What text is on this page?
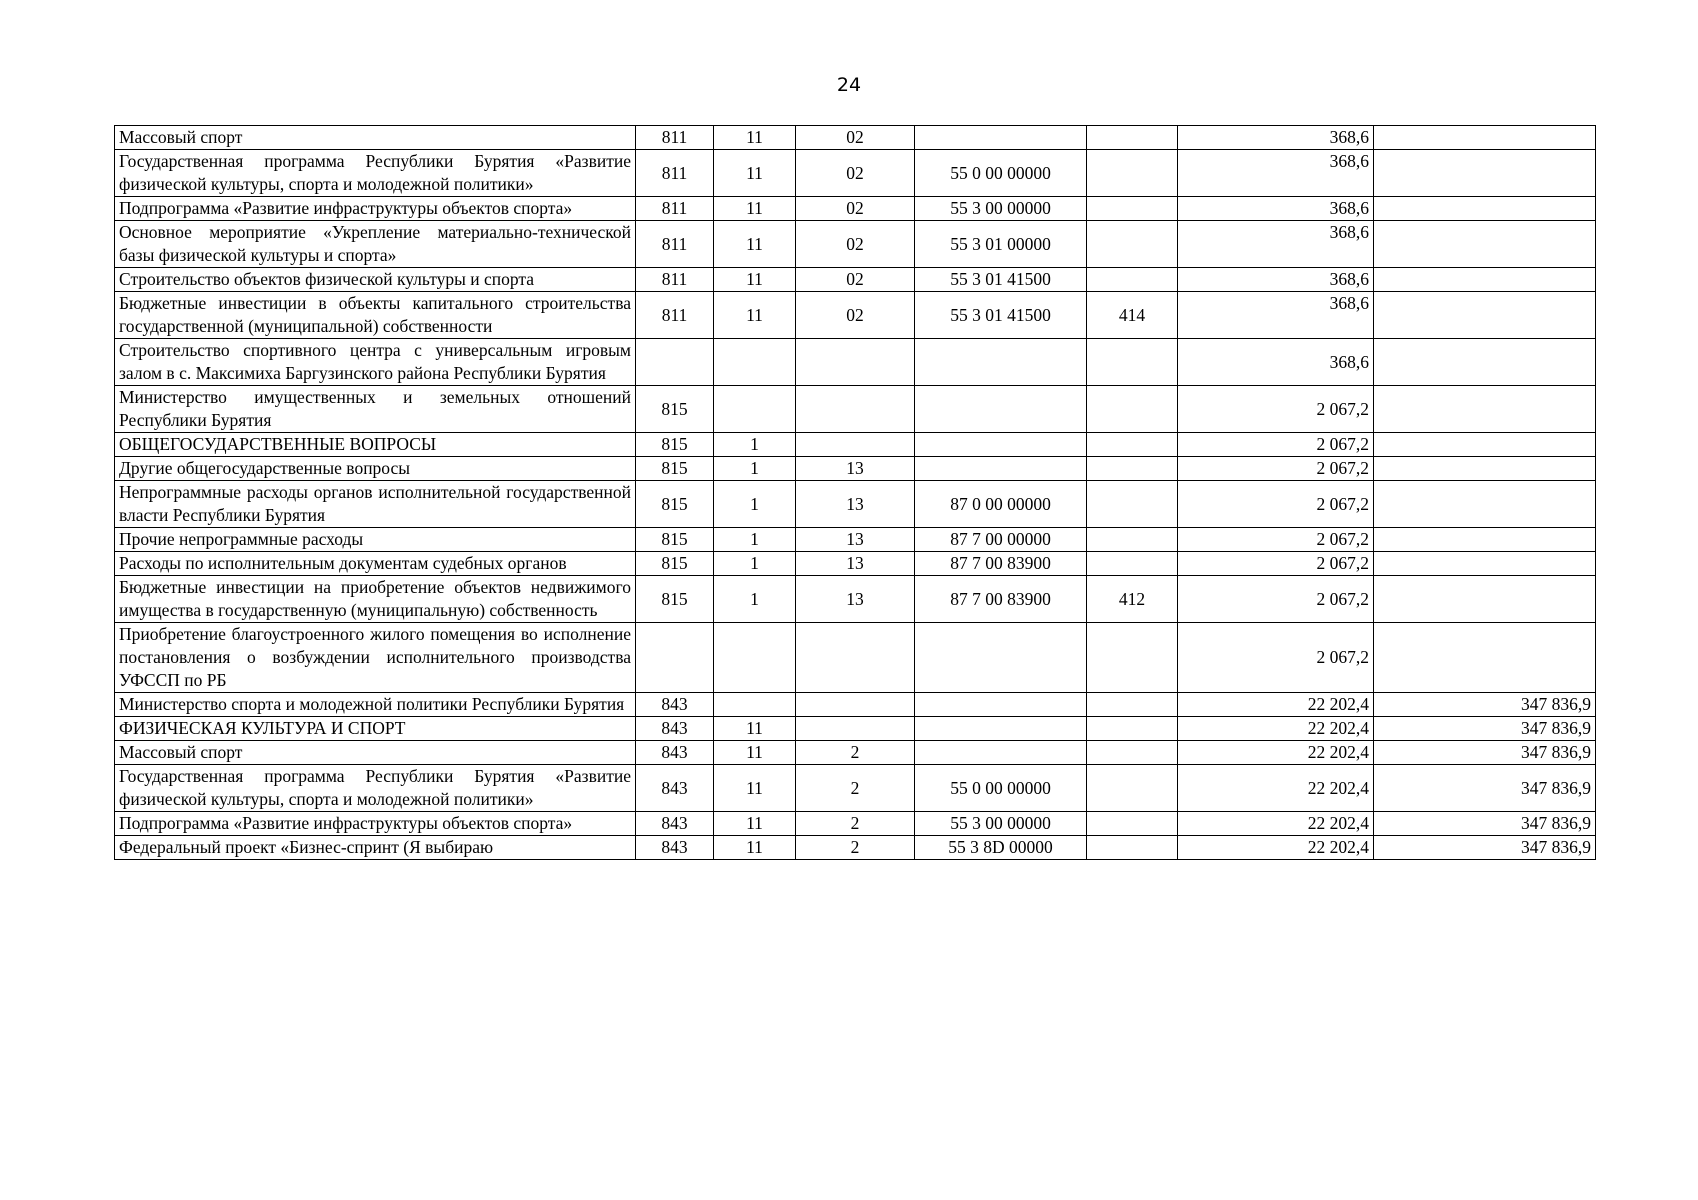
24
Массовый спорт	811	11	02			368,6	
Государственная программа Республики Бурятия «Развитие физической культуры, спорта и молодежной политики»	811	11	02	55 0 00 00000		368,6	
Подпрограмма «Развитие инфраструктуры объектов спорта»	811	11	02	55 3 00 00000		368,6	
Основное мероприятие «Укрепление материально-технической базы физической культуры и спорта»	811	11	02	55 3 01 00000		368,6	
Строительство объектов физической культуры и спорта	811	11	02	55 3 01 41500		368,6	
Бюджетные инвестиции в объекты капитального строительства государственной (муниципальной) собственности	811	11	02	55 3 01 41500	414	368,6	
Строительство спортивного центра с универсальным игровым залом в с. Максимиха Баргузинского района Республики Бурятия						368,6	
Министерство имущественных и земельных отношений Республики Бурятия	815					2 067,2	
ОБЩЕГОСУДАРСТВЕННЫЕ ВОПРОСЫ	815	1				2 067,2	
Другие общегосударственные вопросы	815	1	13			2 067,2	
Непрограммные расходы органов исполнительной государственной власти Республики Бурятия	815	1	13	87 0 00 00000		2 067,2	
Прочие непрограммные расходы	815	1	13	87 7 00 00000		2 067,2	
Расходы по исполнительным документам судебных органов	815	1	13	87 7 00 83900		2 067,2	
Бюджетные инвестиции на приобретение объектов недвижимого имущества в государственную (муниципальную) собственность	815	1	13	87 7 00 83900	412	2 067,2	
Приобретение благоустроенного жилого помещения во исполнение постановления о возбуждении исполнительного производства УФССП по РБ						2 067,2	
Министерство спорта и молодежной политики Республики Бурятия	843					22 202,4	347 836,9
ФИЗИЧЕСКАЯ КУЛЬТУРА И СПОРТ	843	11				22 202,4	347 836,9
Массовый спорт	843	11	2			22 202,4	347 836,9
Государственная программа Республики Бурятия «Развитие физической культуры, спорта и молодежной политики»	843	11	2	55 0 00 00000		22 202,4	347 836,9
Подпрограмма «Развитие инфраструктуры объектов спорта»	843	11	2	55 3 00 00000		22 202,4	347 836,9
Федеральный проект «Бизнес-спринт (Я выбираю	843	11	2	55 3 8D 00000		22 202,4	347 836,9
